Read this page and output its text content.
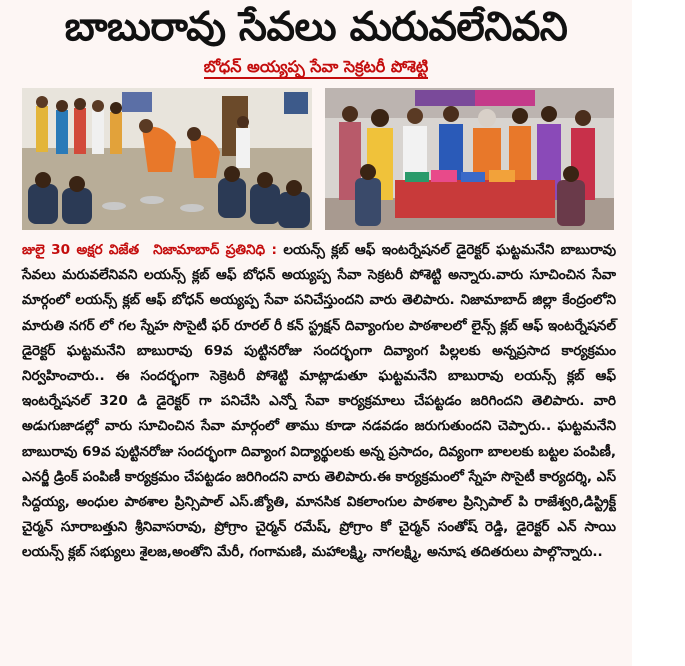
బాబురావు సేవలు మరువలేనివని
బోధన్ అయ్యప్ప సేవా సెక్రటరీ పోశెట్టి
జులై 30 అక్షర విజేత నిజామాబాద్ ప్రతినిధి : లయన్స్ క్లబ్ ఆఫ్ ఇంటర్నేషనల్ డైరెక్టర్ ఘట్టమనేని బాబురావు సేవలు మరువలేనివని లయన్స్ క్లబ్ ఆఫ్ బోధన్ అయ్యప్ప సేవా సెక్రటరీ పోశెట్టి అన్నారు.వారు సూచించిన సేవా మార్గంలో లయన్స్ క్లబ్ ఆఫ్ బోధన్ అయ్యప్ప సేవా పనిచేస్తుందని వారు తెలిపారు. నిజామాబాద్ జిల్లా కేంద్రంలోని మారుతి నగర్ లో గల స్నేహ సొసైటీ ఫర్ రూరల్ రీ కన్ స్ట్రక్షన్ దివ్యాంగుల పాఠశాలలో లైన్స్ క్లబ్ ఆఫ్ ఇంటర్నేషనల్ డైరెక్టర్ ఘట్టమనేని బాబురావు 69వ పుట్టినరోజు సందర్భంగా దివ్యాంగ పిల్లలకు అన్నప్రసాద కార్యక్రమం నిర్వహించారు.. ఈ సందర్భంగా సెక్రెటరీ పోశెట్టి మాట్లాడుతూ ఘట్టమనేని బాబురావు లయన్స్ క్లబ్ ఆఫ్ ఇంటర్నేషనల్ 320 డి డైరెక్టర్ గా పనిచేసి ఎన్నో సేవా కార్యక్రమాలు చేపట్టడం జరిగిందని తెలిపారు. వారి అడుగుజాడల్లో వారు సూచించిన సేవా మార్గంలో తాము కూడా నడవడం జరుగుతుందని చెప్పారు.. ఘట్టమనేని బాబురావు 69వ పుట్టినరోజు సందర్భంగా దివ్యాంగ విద్యార్థులకు అన్న ప్రసాదం, దివ్యంగా బాలలకు బట్టల పంపిణీ, ఎనర్జీ డ్రింక్ పంపిణీ కార్యక్రమం చేపట్టడం జరిగిందని వారు తెలిపారు.ఈ కార్యక్రమంలో స్నేహ సొసైటీ కార్యదర్శి, ఎస్ సిద్దయ్య, అంధుల పాఠశాల ప్రిన్సిపాల్ ఎస్.జ్యోతి, మానసిక వికలాంగుల పాఠశాల ప్రిన్సిపాల్ పి రాజేశ్వరి,డిస్ట్రిక్ట్ చైర్మన్ సూరాబత్తుని శ్రీనివాసరావు, ప్రోగ్రాం చైర్మన్ రమేష్, ప్రోగ్రాం కో చైర్మన్ సంతోష్ రెడ్డి, డైరెక్టర్ ఎన్ సాయి లయన్స్ క్లబ్ సభ్యులు శైలజ,అంతోని మేరీ, గంగామణి, మహాలక్ష్మి, నాగలక్ష్మి, అనూష తదితరులు పాల్గొన్నారు..
